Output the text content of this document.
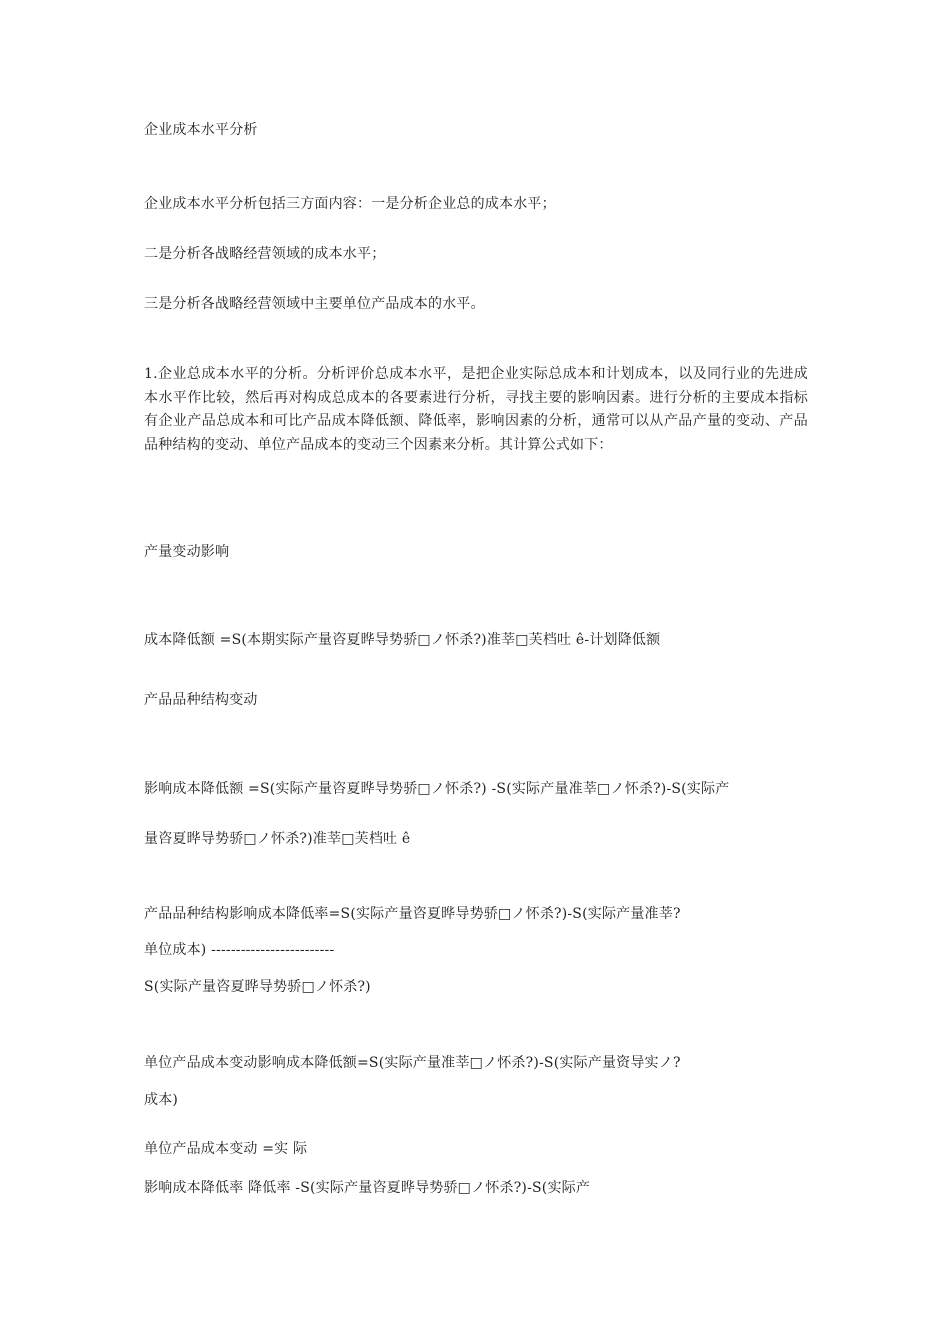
企业成本水平分析
企业成本水平分析包括三方面内容：一是分析企业总的成本水平；
二是分析各战略经营领域的成本水平；
三是分析各战略经营领域中主要单位产品成本的水平。
1.企业总成本水平的分析。分析评价总成本水平，是把企业实际总成本和计划成本，以及同行业的先进成本水平作比较，然后再对构成总成本的各要素进行分析，寻找主要的影响因素。进行分析的主要成本指标有企业产品总成本和可比产品成本降低额、降低率，影响因素的分析，通常可以从产品产量的变动、产品品种结构的变动、单位产品成本的变动三个因素来分析。其计算公式如下：
产量变动影响
成本降低额 =S(本期实际产量咨夏晔导势骄□ノ怀杀?)准莘□芙档吐 ê-计划降低额
产品品种结构变动
影响成本降低额 =S(实际产量咨夏晔导势骄□ノ怀杀?) -S(实际产量准莘□ノ怀杀?)-S(实际产
量咨夏晔导势骄□ノ怀杀?)准莘□芙档吐 ê
产品品种结构影响成本降低率=S(实际产量咨夏晔导势骄□ノ怀杀?)-S(实际产量准莘?
单位成本) -------------------------
S(实际产量咨夏晔导势骄□ノ怀杀?)
单位产品成本变动影响成本降低额=S(实际产量准莘□ノ怀杀?)-S(实际产量资导实ノ?
成本)
单位产品成本变动 =实 际
影响成本降低率 降低率 -S(实际产量咨夏晔导势骄□ノ怀杀?)-S(实际产
